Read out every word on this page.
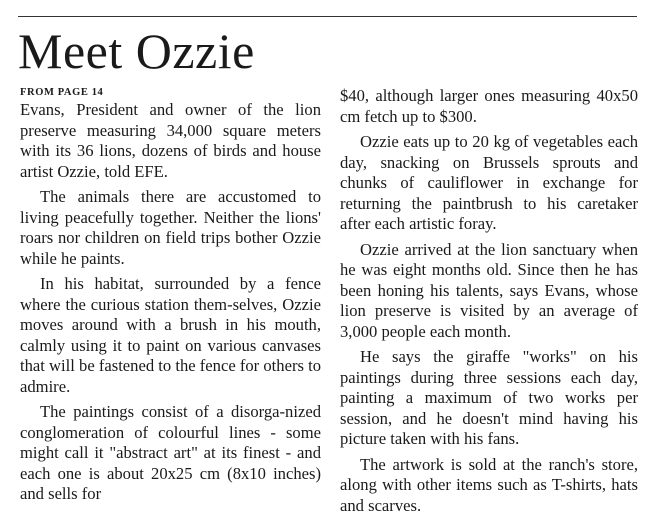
Meet Ozzie

FROM PAGE 14

Evans, President and owner of the lion preserve measuring 34,000 square meters with its 36 lions, dozens of birds and house artist Ozzie, told EFE.

The animals there are accustomed to living peacefully together. Neither the lions' roars nor children on field trips bother Ozzie while he paints.

In his habitat, surrounded by a fence where the curious station them-selves, Ozzie moves around with a brush in his mouth, calmly using it to paint on various canvases that will be fastened to the fence for others to admire.

The paintings consist of a disorga-nized conglomeration of colourful lines - some might call it "abstract art" at its finest - and each one is about 20x25 cm (8x10 inches) and sells for

$40, although larger ones measuring 40x50 cm fetch up to $300.

Ozzie eats up to 20 kg of vegetables each day, snacking on Brussels sprouts and chunks of cauliflower in exchange for returning the paintbrush to his caretaker after each artistic foray.

Ozzie arrived at the lion sanctuary when he was eight months old. Since then he has been honing his talents, says Evans, whose lion preserve is visited by an average of 3,000 people each month.

He says the giraffe "works" on his paintings during three sessions each day, painting a maximum of two works per session, and he doesn't mind having his picture taken with his fans.

The artwork is sold at the ranch's store, along with other items such as T-shirts, hats and scarves.
